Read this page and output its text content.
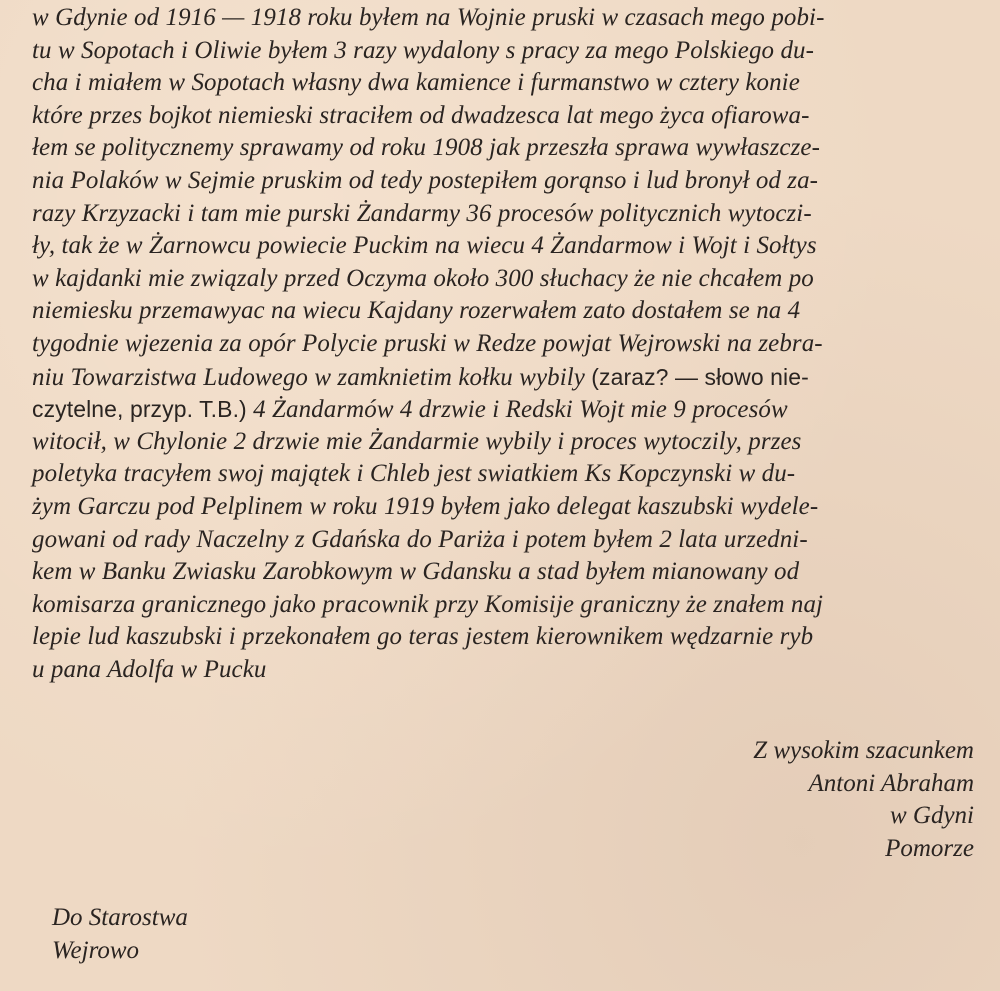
w Gdynie od 1916 — 1918 roku byłem na Wojnie pruski w czasach mego pobi-
tu w Sopotach i Oliwie byłem 3 razy wydalony s pracy za mego Polskiego du-
cha i miałem w Sopotach własny dwa kamience i furmanstwo w cztery konie
które przes bojkot niemieski straciłem od dwadzesca lat mego życa ofiarowa-
łem se politycznemy sprawamy od roku 1908 jak przeszła sprawa wywłaszcze-
nia Polaków w Sejmie pruskim od tedy postepiłem gorąnso i lud bronył od za-
razy Krzyzacki i tam mie purski Żandarmy 36 procesów politycznich wytoczi-
ły, tak że w Żarnowcu powiecie Puckim na wiecu 4 Żandarmow i Wojt i Sołtys
w kajdanki mie związaly przed Oczyma około 300 słuchacy że nie chcałem po
niemiesku przemawyac na wiecu Kajdany rozerwałem zato dostałem se na 4
tygodnie wjezenia za opór Polycie pruski w Redze powjat Wejrowski na zebra-
niu Towarzistwa Ludowego w zamknietim kołku wybily (zaraz? — słowo nie-
czytelne, przyp. T.B.) 4 Żandarmów 4 drzwie i Redski Wojt mie 9 procesów
witocił, w Chylonie 2 drzwie mie Żandarmie wybily i proces wytoczily, przes
poletyka tracyłem swoj majątek i Chleb jest swiatkiem Ks Kopczynski w du-
żym Garczu pod Pelplinem w roku 1919 byłem jako delegat kaszubski wydele-
gowani od rady Naczelny z Gdańska do Pariża i potem byłem 2 lata urzedni-
kem w Banku Zwiasku Zarobkowym w Gdansku a stad byłem mianowany od
komisarza granicznego jako pracownik przy Komisije graniczny że znałem naj
lepie lud kaszubski i przekonałem go teras jestem kierownikem wędzarnie ryb
u pana Adolfa w Pucku
Z wysokim szacunkem
Antoni Abraham
w Gdyni
Pomorze
Do Starostwa
Wejrowo
